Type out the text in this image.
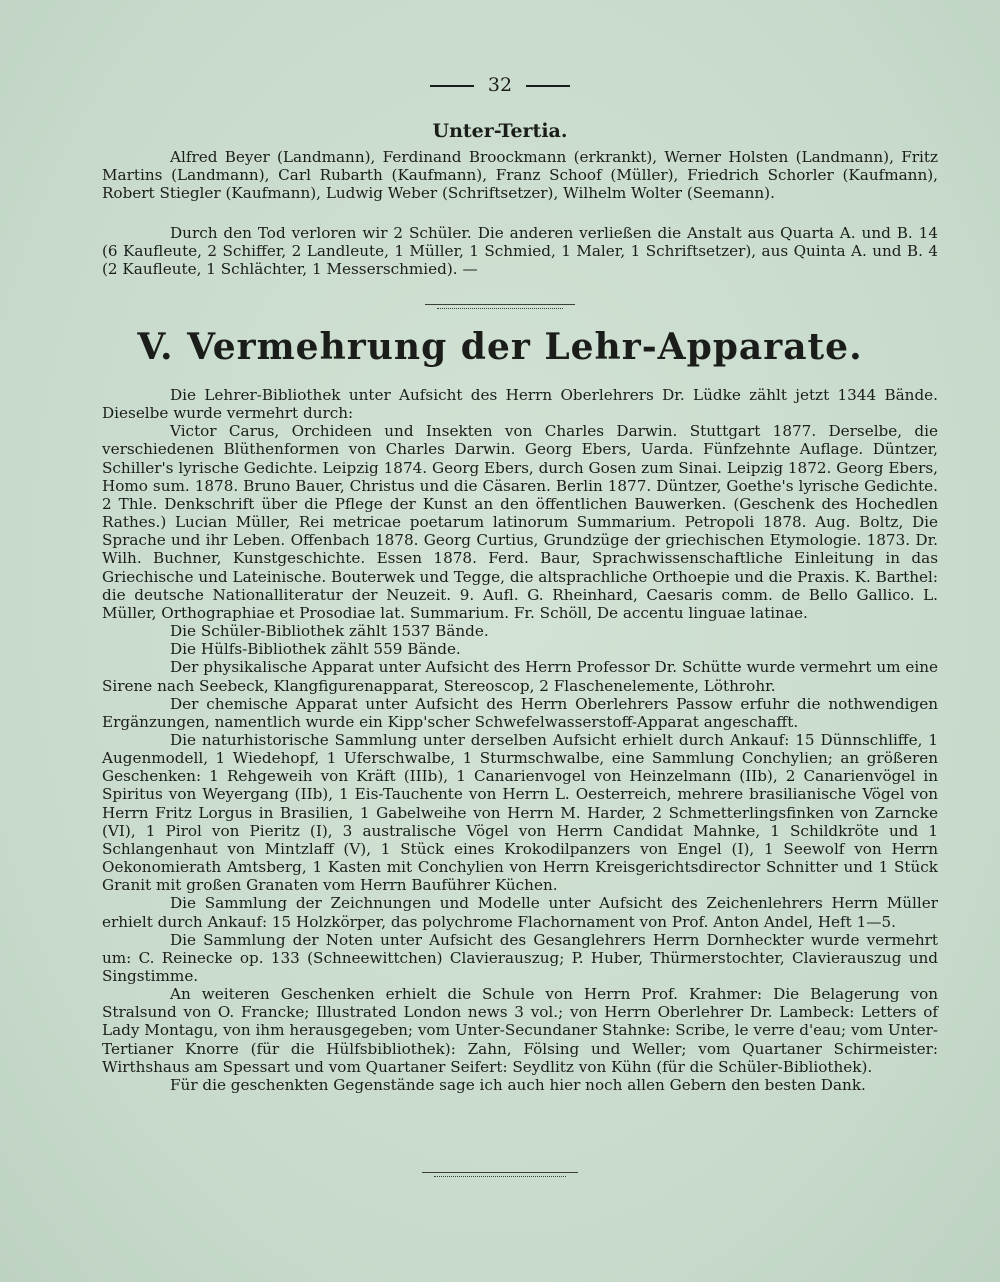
32
Unter-Tertia.

Alfred Beyer (Landmann), Ferdinand Broockmann (erkrankt), Werner Holsten (Landmann), Fritz Martins (Landmann), Carl Rubarth (Kaufmann), Franz Schoof (Müller), Friedrich Schorler (Kaufmann), Robert Stiegler (Kaufmann), Ludwig Weber (Schriftsetzer), Wilhelm Wolter (Seemann).

Durch den Tod verloren wir 2 Schüler. Die anderen verließen die Anstalt aus Quarta A. und B. 14 (6 Kaufleute, 2 Schiffer, 2 Landleute, 1 Müller, 1 Schmied, 1 Maler, 1 Schriftsetzer), aus Quinta A. und B. 4 (2 Kaufleute, 1 Schlächter, 1 Messerschmied). —

V. Vermehrung der Lehr-Apparate.

Die Lehrer-Bibliothek unter Aufsicht des Herrn Oberlehrers Dr. Lüdke zählt jetzt 1344 Bände. Dieselbe wurde vermehrt durch:

Victor Carus, Orchideen und Insekten von Charles Darwin. Stuttgart 1877. Derselbe, die verschiedenen Blüthenformen von Charles Darwin. Georg Ebers, Uarda. Fünfzehnte Auflage. Düntzer, Schiller's lyrische Gedichte. Leipzig 1874. Georg Ebers, durch Gosen zum Sinai. Leipzig 1872. Georg Ebers, Homo sum. 1878. Bruno Bauer, Christus und die Cäsaren. Berlin 1877. Düntzer, Goethe's lyrische Gedichte. 2 Thle. Denkschrift über die Pflege der Kunst an den öffentlichen Bauwerken. (Geschenk des Hochedlen Rathes.) Lucian Müller, Rei metricae poetarum latinorum Summarium. Petropoli 1878. Aug. Boltz, Die Sprache und ihr Leben. Offenbach 1878. Georg Curtius, Grundzüge der griechischen Etymologie. 1873. Dr. Wilh. Buchner, Kunstgeschichte. Essen 1878. Ferd. Baur, Sprachwissenschaftliche Einleitung in das Griechische und Lateinische. Bouterwek und Tegge, die altsprachliche Orthoepie und die Praxis. K. Barthel: die deutsche Nationalliteratur der Neuzeit. 9. Aufl. G. Rheinhard, Caesaris comm. de Bello Gallico. L. Müller, Orthographiae et Prosodiae lat. Summarium. Fr. Schöll, De accentu linguae latinae.

Die Schüler-Bibliothek zählt 1537 Bände.

Die Hülfs-Bibliothek zählt 559 Bände.

Der physikalische Apparat unter Aufsicht des Herrn Professor Dr. Schütte wurde vermehrt um eine Sirene nach Seebeck, Klangfigurenapparat, Stereoscop, 2 Flaschenelemente, Löthrohr.

Der chemische Apparat unter Aufsicht des Herrn Oberlehrers Passow erfuhr die nothwendigen Ergänzungen, namentlich wurde ein Kipp'scher Schwefelwasserstoff-Apparat angeschafft.

Die naturhistorische Sammlung unter derselben Aufsicht erhielt durch Ankauf: 15 Dünnschliffe, 1 Augenmodell, 1 Wiedehopf, 1 Uferschwalbe, 1 Sturmschwalbe, eine Sammlung Conchylien; an größeren Geschenken: 1 Rehgeweih von Kräft (IIIb), 1 Canarienvogel von Heinzelmann (IIb), 2 Canarienvögel in Spiritus von Weyergang (IIb), 1 Eis-Tauchente von Herrn L. Oesterreich, mehrere brasilianische Vögel von Herrn Fritz Lorgus in Brasilien, 1 Gabelweihe von Herrn M. Harder, 2 Schmetterlingsfinken von Zarncke (VI), 1 Pirol von Pieritz (I), 3 australische Vögel von Herrn Candidat Mahnke, 1 Schildkröte und 1 Schlangenhaut von Mintzlaff (V), 1 Stück eines Krokodilpanzers von Engel (I), 1 Seewolf von Herrn Oekonomierath Amtsberg, 1 Kasten mit Conchylien von Herrn Kreisgerichtsdirector Schnitter und 1 Stück Granit mit großen Granaten vom Herrn Bauführer Küchen.

Die Sammlung der Zeichnungen und Modelle unter Aufsicht des Zeichenlehrers Herrn Müller erhielt durch Ankauf: 15 Holzkörper, das polychrome Flachornament von Prof. Anton Andel, Heft 1—5.

Die Sammlung der Noten unter Aufsicht des Gesanglehrers Herrn Dornheckter wurde vermehrt um: C. Reinecke op. 133 (Schneewittchen) Clavierauszug; P. Huber, Thürmerstochter, Clavierauszug und Singstimme.

An weiteren Geschenken erhielt die Schule von Herrn Prof. Krahmer: Die Belagerung von Stralsund von O. Francke; Illustrated London news 3 vol.; von Herrn Oberlehrer Dr. Lambeck: Letters of Lady Montagu, von ihm herausgegeben; vom Unter-Secundaner Stahnke: Scribe, le verre d'eau; vom Unter-Tertianer Knorre (für die Hülfsbibliothek): Zahn, Fölsing und Weller; vom Quartaner Schirmeister: Wirthshaus am Spessart und vom Quartaner Seifert: Seydlitz von Kühn (für die Schüler-Bibliothek).

Für die geschenkten Gegenstände sage ich auch hier noch allen Gebern den besten Dank.
